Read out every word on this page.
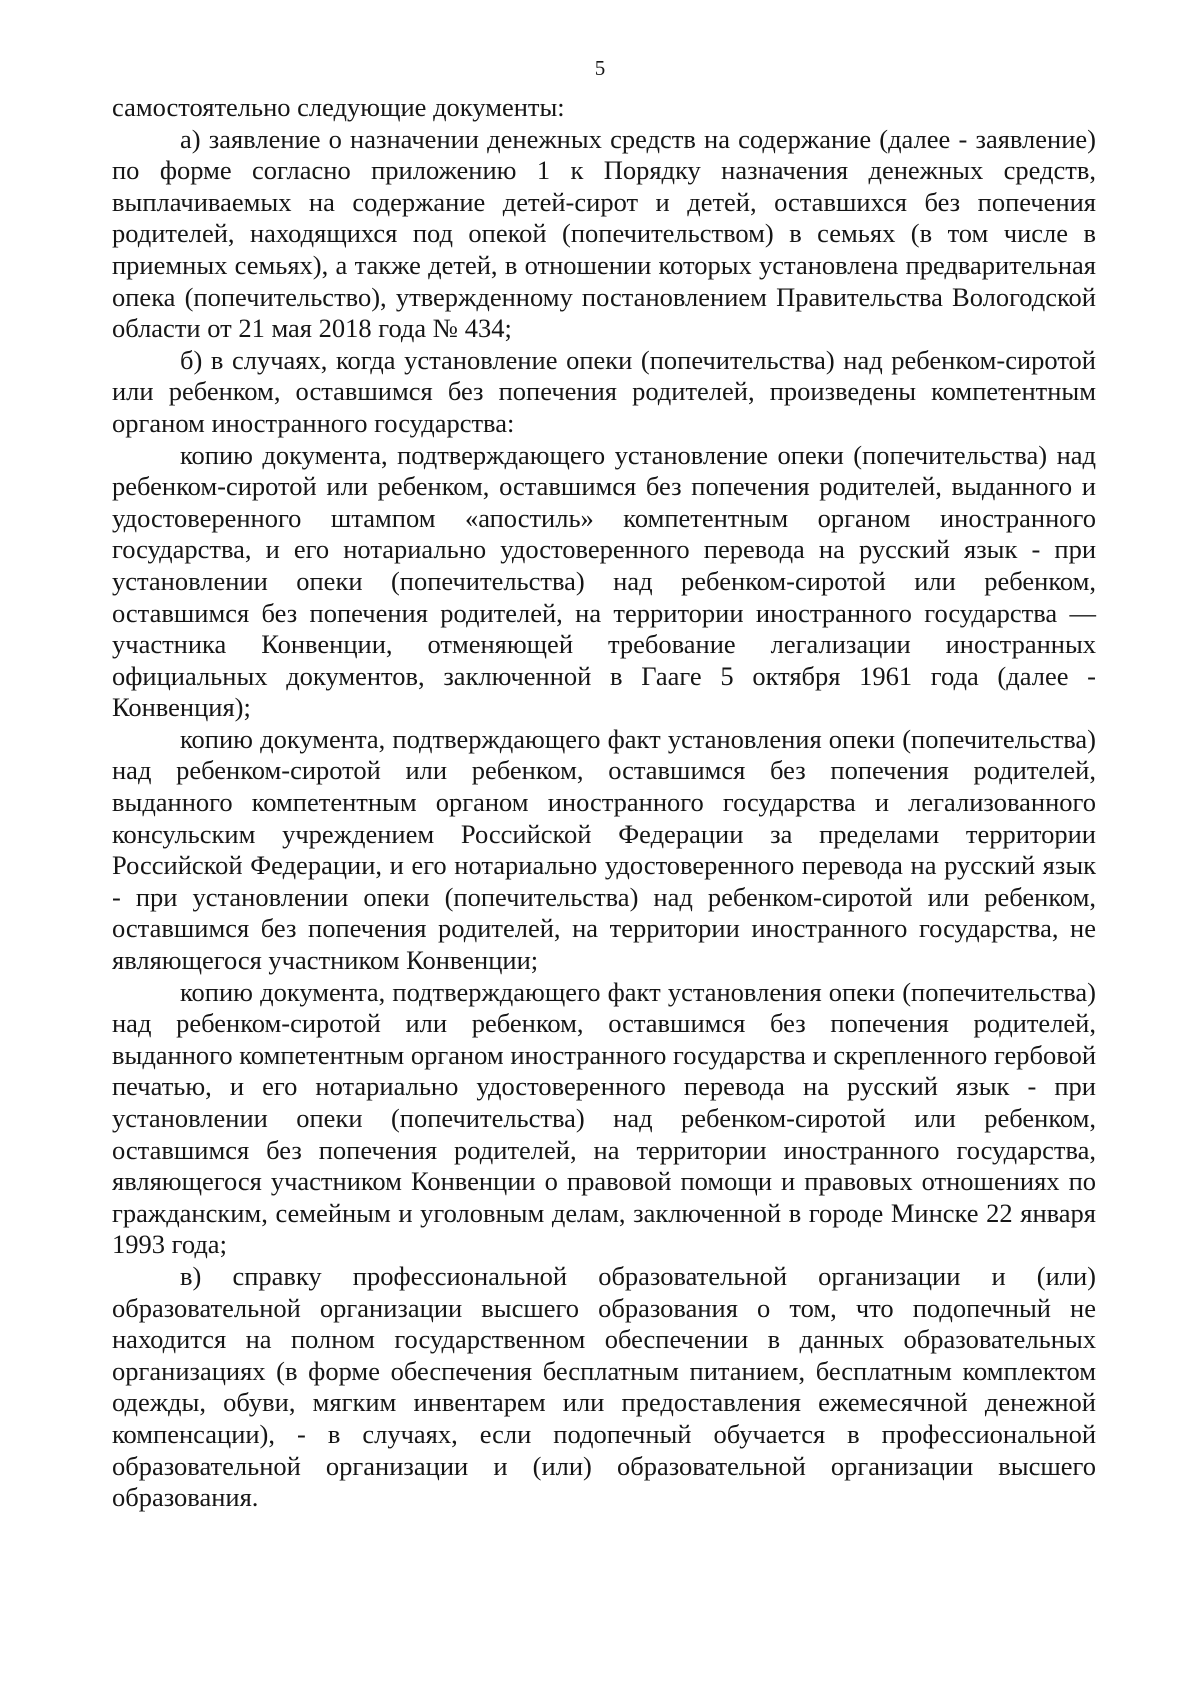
5

самостоятельно следующие документы:

а) заявление о назначении денежных средств на содержание (далее - заявление) по форме согласно приложению 1 к Порядку назначения денежных средств, выплачиваемых на содержание детей-сирот и детей, оставшихся без попечения родителей, находящихся под опекой (попечительством) в семьях (в том числе в приемных семьях), а также детей, в отношении которых установлена предварительная опека (попечительство), утвержденному постановлением Правительства Вологодской области от 21 мая 2018 года № 434;

б) в случаях, когда установление опеки (попечительства) над ребенком-сиротой или ребенком, оставшимся без попечения родителей, произведены компетентным органом иностранного государства:

копию документа, подтверждающего установление опеки (попечительства) над ребенком-сиротой или ребенком, оставшимся без попечения родителей, выданного и удостоверенного штампом «апостиль» компетентным органом иностранного государства, и его нотариально удостоверенного перевода на русский язык - при установлении опеки (попечительства) над ребенком-сиротой или ребенком, оставшимся без попечения родителей, на территории иностранного государства — участника Конвенции, отменяющей требование легализации иностранных официальных документов, заключенной в Гааге 5 октября 1961 года (далее - Конвенция);

копию документа, подтверждающего факт установления опеки (попечительства) над ребенком-сиротой или ребенком, оставшимся без попечения родителей, выданного компетентным органом иностранного государства и легализованного консульским учреждением Российской Федерации за пределами территории Российской Федерации, и его нотариально удостоверенного перевода на русский язык - при установлении опеки (попечительства) над ребенком-сиротой или ребенком, оставшимся без попечения родителей, на территории иностранного государства, не являющегося участником Конвенции;

копию документа, подтверждающего факт установления опеки (попечительства) над ребенком-сиротой или ребенком, оставшимся без попечения родителей, выданного компетентным органом иностранного государства и скрепленного гербовой печатью, и его нотариально удостоверенного перевода на русский язык - при установлении опеки (попечительства) над ребенком-сиротой или ребенком, оставшимся без попечения родителей, на территории иностранного государства, являющегося участником Конвенции о правовой помощи и правовых отношениях по гражданским, семейным и уголовным делам, заключенной в городе Минске 22 января 1993 года;

в) справку профессиональной образовательной организации и (или) образовательной организации высшего образования о том, что подопечный не находится на полном государственном обеспечении в данных образовательных организациях (в форме обеспечения бесплатным питанием, бесплатным комплектом одежды, обуви, мягким инвентарем или предоставления ежемесячной денежной компенсации), - в случаях, если подопечный обучается в профессиональной образовательной организации и (или) образовательной организации высшего образования.
